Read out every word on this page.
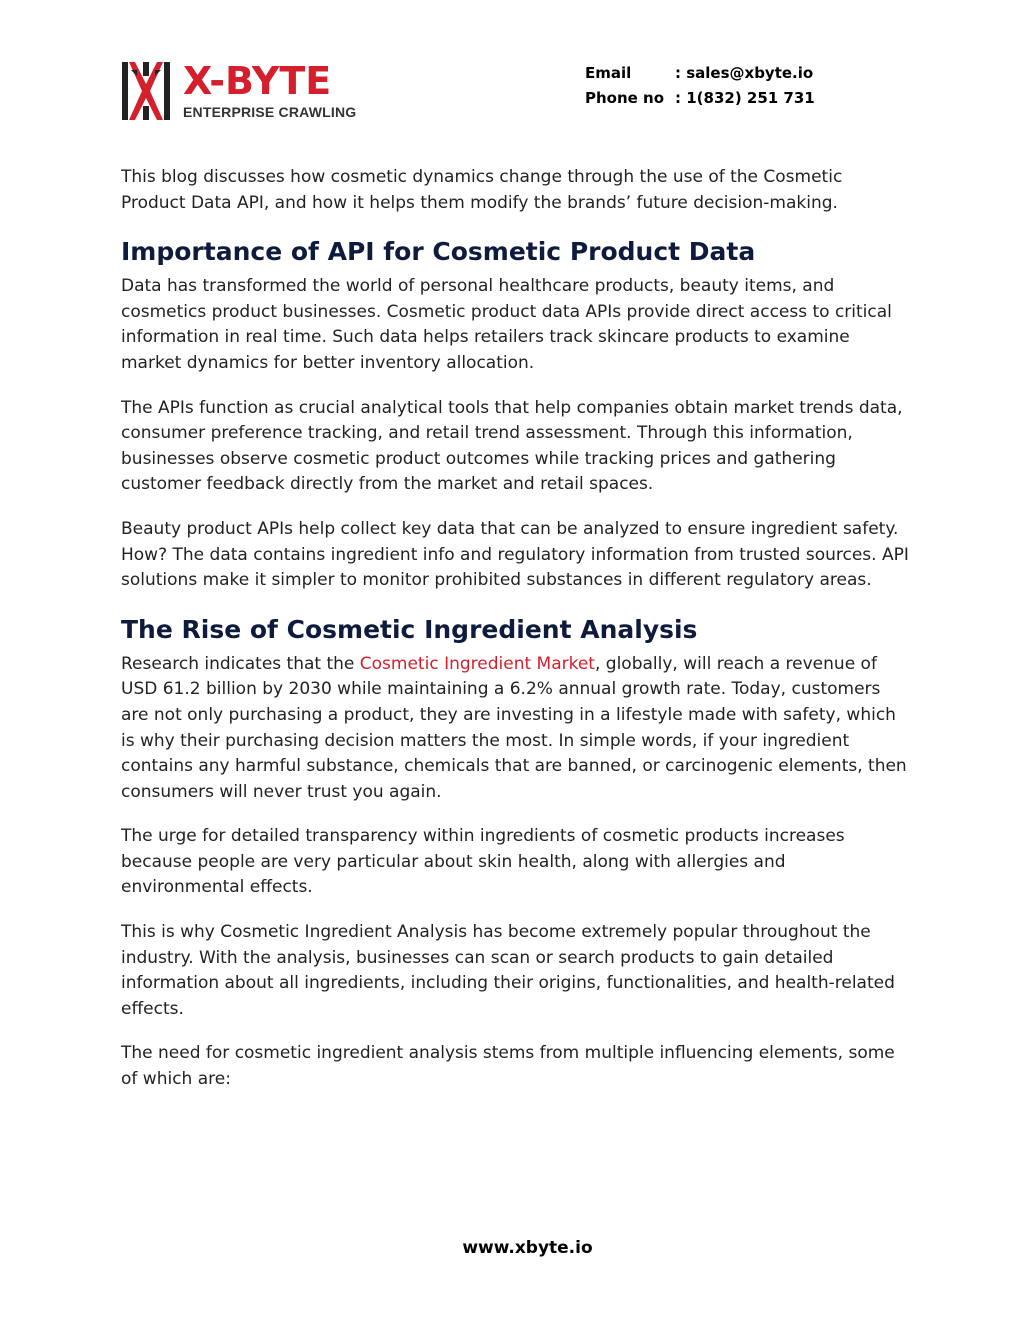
X-BYTE
ENTERPRISE CRAWLING
Email	: sales@xbyte.io
Phone no : 1(832) 251 731

This blog discusses how cosmetic dynamics change through the use of the Cosmetic Product Data API, and how it helps them modify the brands’ future decision-making.

Importance of API for Cosmetic Product Data

Data has transformed the world of personal healthcare products, beauty items, and cosmetics product businesses. Cosmetic product data APIs provide direct access to critical information in real time. Such data helps retailers track skincare products to examine market dynamics for better inventory allocation.

The APIs function as crucial analytical tools that help companies obtain market trends data, consumer preference tracking, and retail trend assessment. Through this information, businesses observe cosmetic product outcomes while tracking prices and gathering customer feedback directly from the market and retail spaces.

Beauty product APIs help collect key data that can be analyzed to ensure ingredient safety. How? The data contains ingredient info and regulatory information from trusted sources. API solutions make it simpler to monitor prohibited substances in different regulatory areas.

The Rise of Cosmetic Ingredient Analysis

Research indicates that the Cosmetic Ingredient Market, globally, will reach a revenue of USD 61.2 billion by 2030 while maintaining a 6.2% annual growth rate. Today, customers are not only purchasing a product, they are investing in a lifestyle made with safety, which is why their purchasing decision matters the most. In simple words, if your ingredient contains any harmful substance, chemicals that are banned, or carcinogenic elements, then consumers will never trust you again.

The urge for detailed transparency within ingredients of cosmetic products increases because people are very particular about skin health, along with allergies and environmental effects.

This is why Cosmetic Ingredient Analysis has become extremely popular throughout the industry. With the analysis, businesses can scan or search products to gain detailed information about all ingredients, including their origins, functionalities, and health-related effects.

The need for cosmetic ingredient analysis stems from multiple influencing elements, some of which are:

www.xbyte.io
